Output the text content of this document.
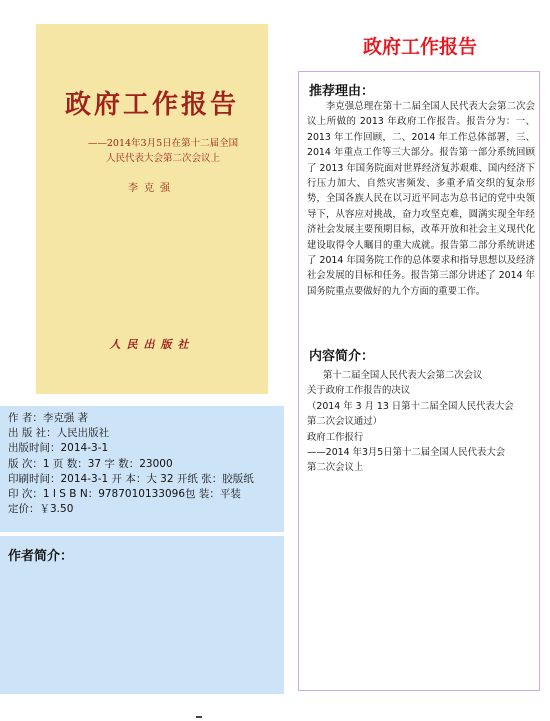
政府工作报告
——2014年3月5日在第十二届全国
人民代表大会第二次会议上
李克强
人民出版社
作 者：李克强 著
出 版 社：人民出版社
出版时间：2014-3-1
版 次：1 页 数：37 字 数：23000
印刷时间：2014-3-1 开 本：大 32 开纸 张：胶版纸
印 次：1 I S B N：9787010133096包 装：平装
定价：￥3.50
作者简介：
政府工作报告
推荐理由：
李克强总理在第十二届全国人民代表大会第二次会议上所做的 2013 年政府工作报告。报告分为：一、2013 年工作回顾，二、2014 年工作总体部署，三、2014 年重点工作等三大部分。报告第一部分系统回顾了 2013 年国务院面对世界经济复苏艰难、国内经济下行压力加大、自然灾害频发、多重矛盾交织的复杂形势，全国各族人民在以习近平同志为总书记的党中央领导下，从容应对挑战，奋力攻坚克难，圆满实现全年经济社会发展主要预期目标，改革开放和社会主义现代化建设取得令人瞩目的重大成就。报告第二部分系统讲述了 2014 年国务院工作的总体要求和指导思想以及经济社会发展的目标和任务。报告第三部分讲述了 2014 年国务院重点要做好的九个方面的重要工作。
内容简介：
第十二届全国人民代表大会第二次会议
关于政府工作报告的决议
（2014 年 3 月 13 日第十二届全国人民代表大会
第二次会议通过）
政府工作报行
——2014 年3月5日第十二届全国人民代表大会
第二次会议上
